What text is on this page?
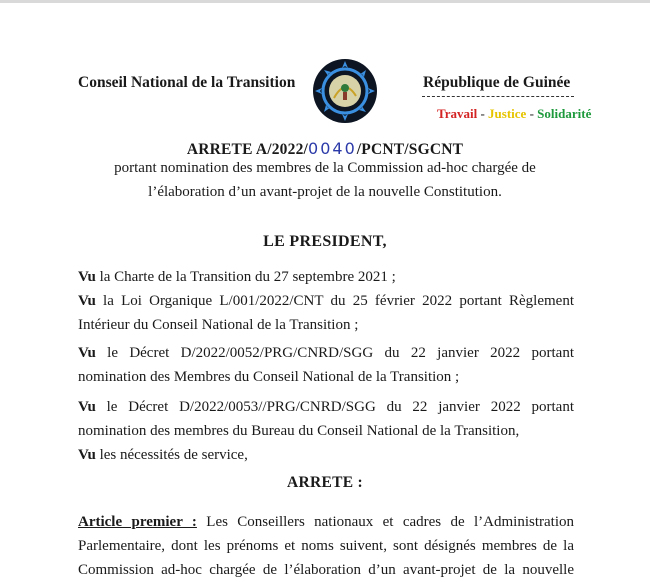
Conseil National de la Transition	République de Guinée
Travail - Justice - Solidarité
ARRETE A/2022/0040/PCNT/SGCNT
portant nomination des membres de la Commission ad-hoc chargée de
l’élaboration d’un avant-projet de la nouvelle Constitution.
LE PRESIDENT,
Vu la Charte de la Transition du 27 septembre 2021 ;
Vu la Loi Organique L/001/2022/CNT du 25 février 2022 portant Règlement
Intérieur du Conseil National de la Transition ;
Vu le Décret D/2022/0052/PRG/CNRD/SGG du 22 janvier 2022 portant
nomination des Membres du Conseil National de la Transition ;
Vu le Décret D/2022/0053//PRG/CNRD/SGG du 22 janvier 2022 portant
nomination des membres du Bureau du Conseil National de la Transition,
Vu les nécessités de service,
ARRETE :
Article premier : Les Conseillers nationaux et cadres de l’Administration
Parlementaire, dont les prénoms et noms suivent, sont désignés membres de la
Commission ad-hoc chargée de l’élaboration d’un avant-projet de la nouvelle
